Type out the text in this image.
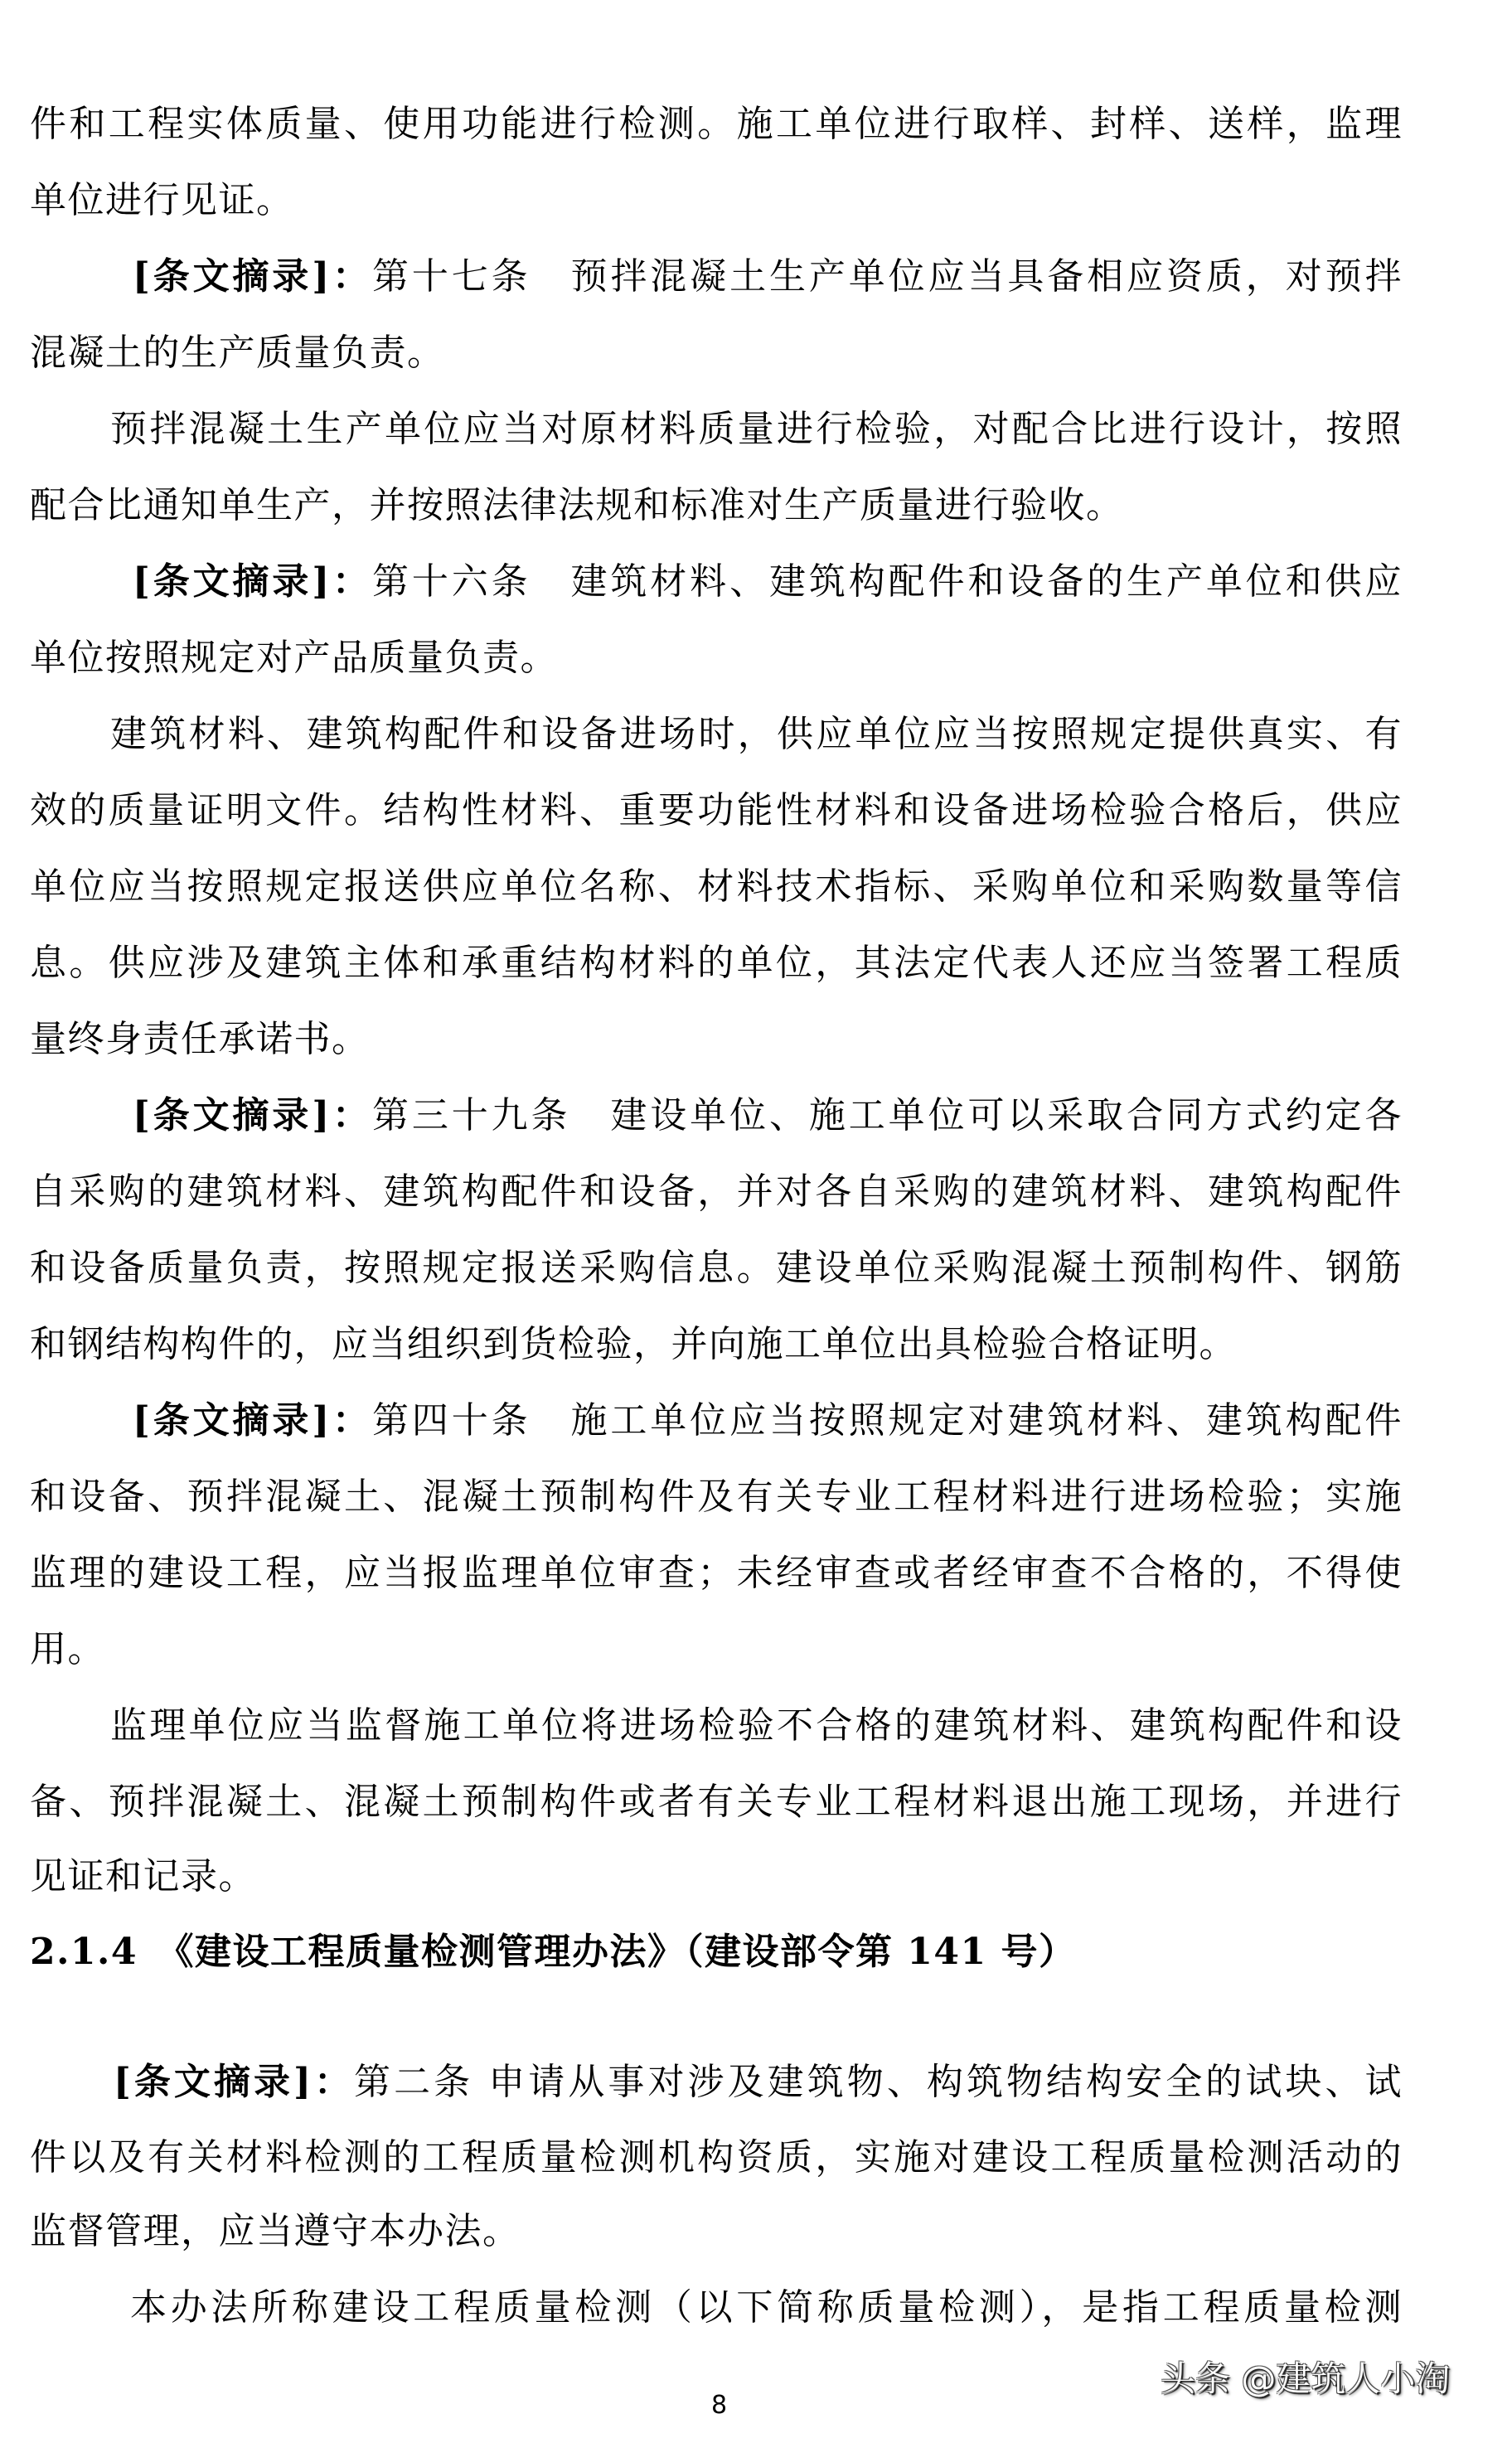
件和工程实体质量、使用功能进行检测。施工单位进行取样、封样、送样，监理
单位进行见证。
[条文摘录]：第十七条　预拌混凝土生产单位应当具备相应资质，对预拌
混凝土的生产质量负责。
预拌混凝土生产单位应当对原材料质量进行检验，对配合比进行设计，按照
配合比通知单生产，并按照法律法规和标准对生产质量进行验收。
[条文摘录]：第十六条　建筑材料、建筑构配件和设备的生产单位和供应
单位按照规定对产品质量负责。
建筑材料、建筑构配件和设备进场时，供应单位应当按照规定提供真实、有
效的质量证明文件。结构性材料、重要功能性材料和设备进场检验合格后，供应
单位应当按照规定报送供应单位名称、材料技术指标、采购单位和采购数量等信
息。供应涉及建筑主体和承重结构材料的单位，其法定代表人还应当签署工程质
量终身责任承诺书。
[条文摘录]：第三十九条　建设单位、施工单位可以采取合同方式约定各
自采购的建筑材料、建筑构配件和设备，并对各自采购的建筑材料、建筑构配件
和设备质量负责，按照规定报送采购信息。建设单位采购混凝土预制构件、钢筋
和钢结构构件的，应当组织到货检验，并向施工单位出具检验合格证明。
[条文摘录]：第四十条　施工单位应当按照规定对建筑材料、建筑构配件
和设备、预拌混凝土、混凝土预制构件及有关专业工程材料进行进场检验；实施
监理的建设工程，应当报监理单位审查；未经审查或者经审查不合格的，不得使
用。
监理单位应当监督施工单位将进场检验不合格的建筑材料、建筑构配件和设
备、预拌混凝土、混凝土预制构件或者有关专业工程材料退出施工现场，并进行
见证和记录。
2.1.4　《建设工程质量检测管理办法》（建设部令第 141 号）
[条文摘录]：第二条 申请从事对涉及建筑物、构筑物结构安全的试块、试
件以及有关材料检测的工程质量检测机构资质，实施对建设工程质量检测活动的
监督管理，应当遵守本办法。
本办法所称建设工程质量检测（以下简称质量检测），是指工程质量检测
头条 @建筑人小淘
8
